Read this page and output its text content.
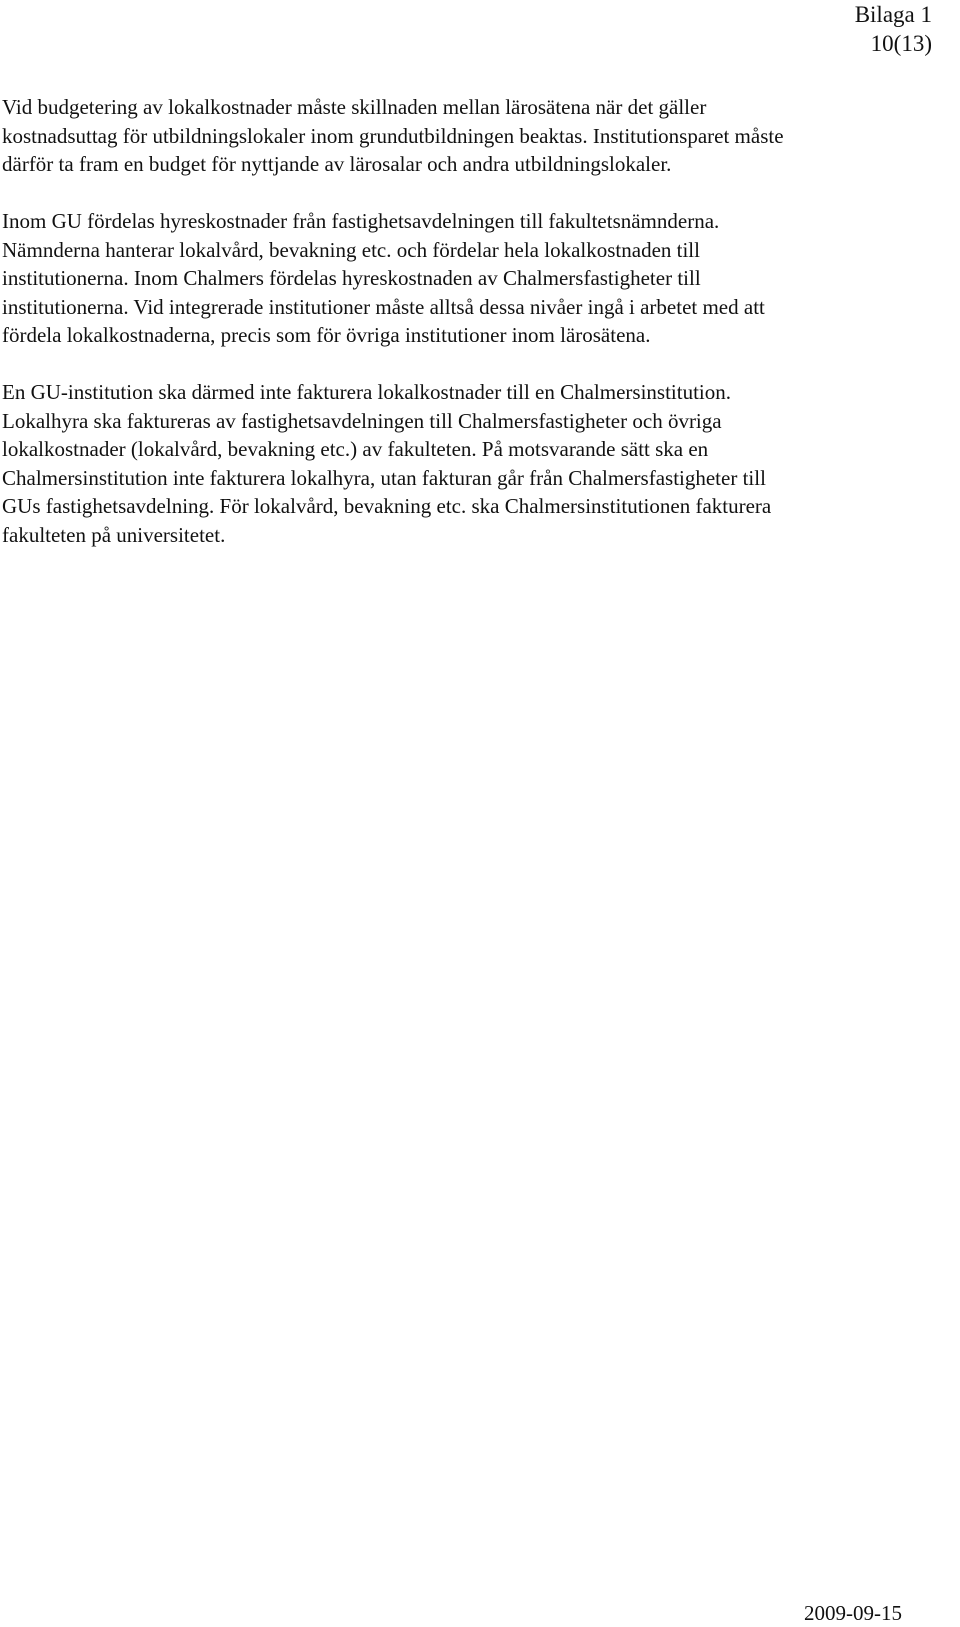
Bilaga 1
10(13)

Vid budgetering av lokalkostnader måste skillnaden mellan lärosätena när det gäller
kostnadsuttag för utbildningslokaler inom grundutbildningen beaktas. Institutionsparet måste
därför ta fram en budget för nyttjande av lärosalar och andra utbildningslokaler.

Inom GU fördelas hyreskostnader från fastighetsavdelningen till fakultetsnämnderna.
Nämnderna hanterar lokalvård, bevakning etc. och fördelar hela lokalkostnaden till
institutionerna. Inom Chalmers fördelas hyreskostnaden av Chalmersfastigheter till
institutionerna. Vid integrerade institutioner måste alltså dessa nivåer ingå i arbetet med att
fördela lokalkostnaderna, precis som för övriga institutioner inom lärosätena.

En GU-institution ska därmed inte fakturera lokalkostnader till en Chalmersinstitution.
Lokalhyra ska faktureras av fastighetsavdelningen till Chalmersfastigheter och övriga
lokalkostnader (lokalvård, bevakning etc.) av fakulteten. På motsvarande sätt ska en
Chalmersinstitution inte fakturera lokalhyra, utan fakturan går från Chalmersfastigheter till
GUs fastighetsavdelning. För lokalvård, bevakning etc. ska Chalmersinstitutionen fakturera
fakulteten på universitetet.

2009-09-15
